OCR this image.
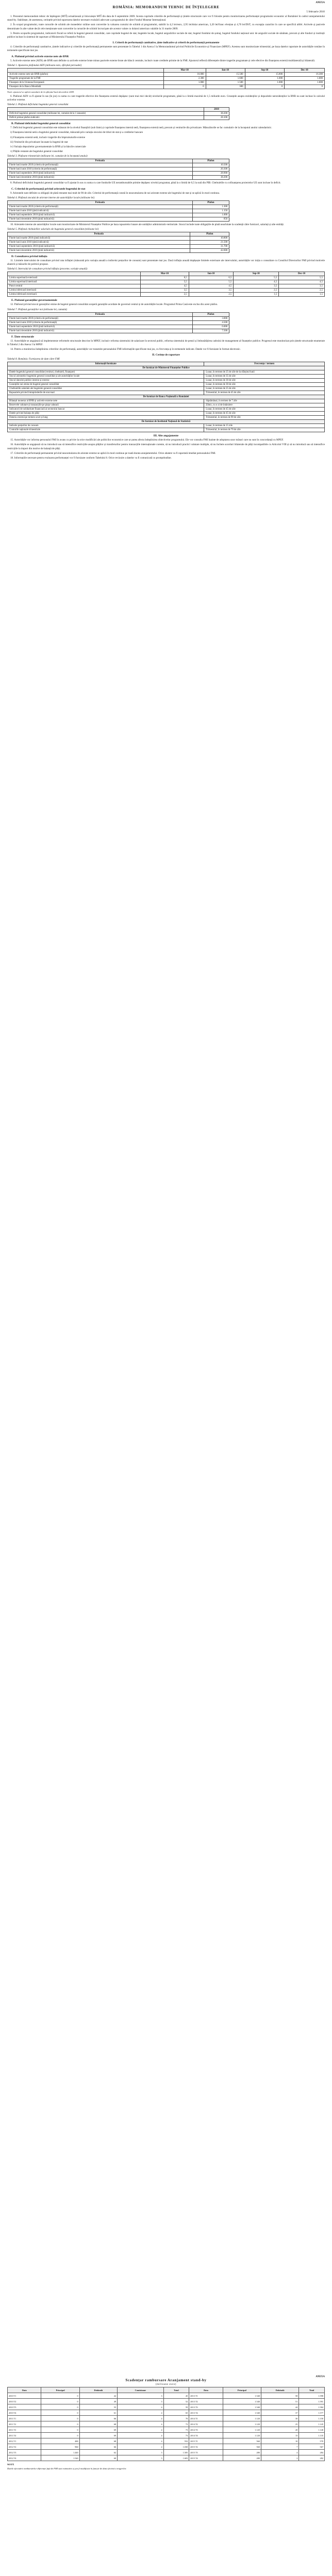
ANEXA
ROMÂNIA: MEMORANDUM TEHNIC DE ÎNȚELEGERE
5 februarie 2010

1. Prezentul memorandum tehnic de înțelegere (MTÎ) actualizează și înlocuiește MTÎ din data de 6 septembrie 2009. Acesta cuprinde criteriile de performanță și țintele structurale care vor fi folosite pentru monitorizarea performanței programului economic al României în cadrul aranjamentului stand-by. Stabilește, de asemenea, cerințele privind raportarea datelor necesare evaluării adecvate a programului de către Fondul Monetar Internațional.

2. În scopul programului, toate cursurile de schimb ale monedelor străine sunt convertite la valoarea cursului de schimb al programului, stabilit la 4,2 lei/euro, 2,95 lei/dolar american, 3,20 lei/franc elvețian și 4,70 lei/DST, cu excepția cazurilor în care se specifică altfel. Activele și pasivele denominate în alte valute decât cele menționate sunt convertite la cursurile de schimb încrucișate ale acestor valute cu dolarul american valabile la 31 martie 2009.

3. Pentru scopurile programului, indicatorii fiscali se referă la bugetul general consolidat, care cuprinde bugetul de stat, bugetele locale, bugetul asigurărilor sociale de stat, bugetul fondului de șomaj, bugetul fondului național unic de asigurări sociale de sănătate, precum și alte fonduri și instituții publice incluse în sistemul de raportare al Ministerului Finanțelor Publice.

I. Criterii de performanță cantitative, ținte indicative și criterii de performanță permanente

4. Criteriile de performanță cantitative, țintele indicative și criteriile de performanță permanente sunt prezentate în Tabelul 1 din Anexa I la Memorandumul privind Politicile Economice și Financiare (MPEF). Acestea sunt monitorizate trimestrial, pe baza datelor raportate de autoritățile române în termenele specificate mai jos.

A. Plafonul privind activele externe nete ale BNR

5. Activele externe nete (AEN) ale BNR sunt definite ca activele externe brute minus pasivele externe brute ale băncii centrale, inclusiv toate creditele primite de la FMI. Ajustorul reflectă diferențele dintre tragerile programate și cele efective din finanțarea externă multilaterală și bilaterală.

Tabelul 1. Ajustarea plafonului AEN (milioane euro, sfârșitul perioadei)
	Mar-10	Iun-10	Sep-10	Dec-10
Activele externe nete ale BNR (plafon)	16.000	15.500	15.800	16.300
Tragerile programate de la FMI	2.300	1.600	1.000	1.000
Finanțare de la Uniunea Europeană	1.000	1.500	1.000	1.000
Finanțare de la Banca Mondială	0	300	0	0
Notă: ajustorul se aplică cumulativ de la sfârșitul lunii decembrie 2009.

6. Plafonul AEN va fi ajustat în sus (în jos) cu suma cu care tragerile efective din finanțarea externă depășesc (sunt mai mici decât) nivelurile programate, până la o limită maximă de 1,5 miliarde euro. Creanțele asupra rezidenților și depozitele nerezidenților la BNR nu sunt incluse în calculul activelor externe.

Tabelul 2. Plafonul deficitului bugetului general consolidat
	2010
Deficitul bugetului general consolidat (milioane lei, cumulat de la 1 ianuarie)	38.200
Deficit primar plafon indicativ	28.100
B. Plafonul deficitului bugetului general consolidat

7. Deficitul bugetului general consolidat este măsurat de la nivelul finanțării (sub linie) și cuprinde finanțarea internă netă, finanțarea externă netă, precum și veniturile din privatizare. Măsurătorile se fac cumulativ de la începutul anului calendaristic.

i) Finanțarea internă netă a bugetului general consolidat, măsurată prin variația stocului de titluri de stat și a creditelor bancare

ii) Finanțarea externă netă, inclusiv tragerile din împrumuturile externe

iii) Veniturile din privatizare încasate la bugetul de stat

iv) Variația depozitelor guvernamentale la BNR și la băncile comerciale

v) Plățile restante ale bugetului general consolidat

Tabelul 3. Plafoane trimestriale (milioane lei, cumulat de la începutul anului)
Perioada	Plafon
Finele lunii martie 2010 (criteriu de performanță)	10.500
Finele lunii iunie 2010 (criteriu de performanță)	20.300
Finele lunii septembrie 2010 (țintă indicativă)	28.900
Finele lunii decembrie 2010 (țintă indicativă)	38.200

8. Plafonul deficitului bugetului general consolidat va fi ajustat în sus cu suma cu care fondurile UE nerambursabile primite depășesc nivelul programat, până la o limită de 0,5 la sută din PIB. Cheltuielile cu cofinanțarea proiectelor UE sunt incluse în deficit.

C. Criteriul de performanță privind arieratele bugetului de stat

9. Arieratele sunt definite ca obligații de plată restante mai mult de 90 de zile. Criteriul de performanță constă în neacumularea de noi arierate externe ale bugetului de stat și se aplică în mod continuu.

Tabelul 4. Plafonul stocului de arierate interne ale autorităților locale (milioane lei)
Perioada	Plafon
Finele lunii martie 2010 (criteriu de performanță)	1.300
Finele lunii iunie 2010 (țintă indicativă)	1.150
Finele lunii septembrie 2010 (țintă indicativă)	1.000
Finele lunii decembrie 2010 (țintă indicativă)	850

10. Arieratele interne ale autorităților locale sunt monitorizate de Ministerul Finanțelor Publice pe baza rapoartelor lunare ale unităților administrativ-teritoriale. Stocul include toate obligațiile de plată neachitate la scadență către furnizori, salariați și alte entități.

Tabelul 5. Plafonul cheltuielilor salariale ale bugetului general consolidat (milioane lei)
Perioada	Plafon
Finele lunii martie 2010 (țintă indicativă)	10.800
Finele lunii iunie 2010 (țintă indicativă)	21.500
Finele lunii septembrie 2010 (țintă indicativă)	31.700
Finele lunii decembrie 2010 (țintă indicativă)	42.600
D. Consultarea privind inflația

11. Limitele intervalului de consultare privind rata inflației (măsurată prin variația anuală a indicelui prețurilor de consum) sunt prezentate mai jos. Dacă inflația anuală depășește limitele exterioare ale intervalului, autoritățile vor iniția o consultare cu Consiliul Directorilor FMI privind motivele abaterii și măsurile de politică propuse.

Tabelul 6. Intervalul de consultare privind inflația (procente, variație anuală)
	Mar-10	Iun-10	Sep-10	Dec-10
Limita superioară exterioară	6,5	6,5	5,5	5,5
Limita superioară interioară	5,5	5,5	4,5	4,5
Punct central	4,5	4,5	3,5	3,5
Limita inferioară interioară	3,5	3,5	2,5	2,5
Limita inferioară exterioară	2,5	2,5	1,5	1,5
E. Plafonul garanțiilor guvernamentale

12. Plafonul privind stocul garanțiilor emise de bugetul general consolidat acoperă garanțiile acordate de guvernul central și de autoritățile locale. Programul Prima Casă este exclus din acest plafon.

Tabelul 7. Plafonul garanțiilor noi (milioane lei, cumulat)
Perioada	Plafon
Finele lunii martie 2010 (criteriu de performanță)	3.000
Finele lunii iunie 2010 (criteriu de performanță)	4.500
Finele lunii septembrie 2010 (țintă indicativă)	6.000
Finele lunii decembrie 2010 (țintă indicativă)	7.500
F. Ținte structurale

13. Autoritățile se angajează să implementeze reformele structurale descrise în MPEF, inclusiv reforma sistemului de salarizare în sectorul public, reforma sistemului de pensii și îmbunătățirea cadrului de management al finanțelor publice. Progresul este monitorizat prin țintele structurale enumerate în Tabelul 2 din Anexa I la MPEF.

14. Pentru a monitoriza îndeplinirea criteriilor de performanță, autoritățile vor transmite personalului FMI informațiile specificate mai jos, cu frecvența și în termenele indicate. Datele vor fi furnizate în format electronic.

II. Cerințe de raportare
Tabelul 8. România: Furnizarea de date către FMI
Informații furnizate	Frecvența / termen
De furnizat de Ministerul Finanțelor Publice	
Datele bugetului general consolidat (venituri, cheltuieli, finanțare)	Lunar, în termen de 25 de zile de la sfârșitul lunii
Stocul arieratelor bugetului general consolidat și ale autorităților locale	Lunar, în termen de 35 de zile
Stocul datoriei publice interne și externe	Lunar, în termen de 30 de zile
Garanțiile noi emise de bugetul general consolidat	Lunar, în termen de 30 de zile
Cheltuielile salariale ale bugetului general consolidat	Lunar, în termen de 25 de zile
Rapoartele privind întreprinderile de stat mari	Trimestrial, în termen de 45 de zile
De furnizat de Banca Națională a României	
Bilanțul monetar al BNR și activele externe nete	Săptămânal, în termen de 7 zile
Rezervele valutare și tranzacțiile pe piața valutară	Zilnic, cu o zi de întârziere
Indicatorii de solidaritate financiară ai sectorului bancar	Lunar, în termen de 45 de zile
Datele privind balanța de plăți	Lunar, în termen de 45 de zile
Datoria externă pe termen scurt și lung	Trimestrial, în termen de 90 de zile
De furnizat de Institutul Național de Statistică	
Indicele prețurilor de consum	Lunar, în termen de 15 zile
Conturile naționale trimestriale	Trimestrial, în termen de 70 de zile
III. Alte angajamente

15. Autoritățile vor informa personalul FMI în avans cu privire la orice modificări ale politicilor economice care ar putea afecta îndeplinirea obiectivelor programului. Ele vor consulta FMI înainte de adoptarea unor măsuri care nu sunt în concordanță cu MPEF.

16. Autoritățile se angajează să nu introducă sau să intensifice restricțiile asupra plăților și transferurilor pentru tranzacțiile internaționale curente, să nu introducă practici valutare multiple, să nu încheie acorduri bilaterale de plăți incompatibile cu Articolul VIII și să nu introducă sau să intensifice restricțiile la import din motive de balanță de plăți.

17. Criteriile de performanță permanente privind neacumularea de arierate externe se aplică în mod continuu pe toată durata aranjamentului. Orice abatere va fi raportată imediat personalului FMI.

18. Informațiile necesare pentru evaluarea performanței vor fi furnizate conform Tabelului 8. Orice revizuire a datelor va fi comunicată cu promptitudine.

ANEXA
Scadențar rambursare Aranjament stand-by
(milioane euro)
Data	Principal	Dobândă	Comisioane	Total	Data	Principal	Dobândă	Total
2010 T1	0	42	3	45	2013 T1	1.540	58	1.598
2010 T2	0	49	3	52	2013 T2	1.540	51	1.591
2010 T3	0	55	4	59	2013 T3	1.540	44	1.584
2010 T4	0	61	4	65	2013 T4	1.540	37	1.577
2011 T1	0	66	4	70	2014 T1	1.120	30	1.150
2011 T2	0	68	4	72	2014 T2	1.120	25	1.145
2011 T3	0	69	4	73	2014 T3	1.120	20	1.140
2011 T4	0	69	4	73	2014 T4	1.120	15	1.135
2012 T1	480	68	4	552	2015 T1	560	10	570
2012 T2	960	66	4	1.030	2015 T2	560	7	567
2012 T3	1.440	62	3	1.505	2015 T3	280	4	284
2012 T4	1.540	60	3	1.603	2015 T4	280	2	282
NOTĂ
Datele efectuării rambursărilor diferenței față de FMI sunt estimative și pot fi modificate în funcție de data efectivă a tragerilor.
